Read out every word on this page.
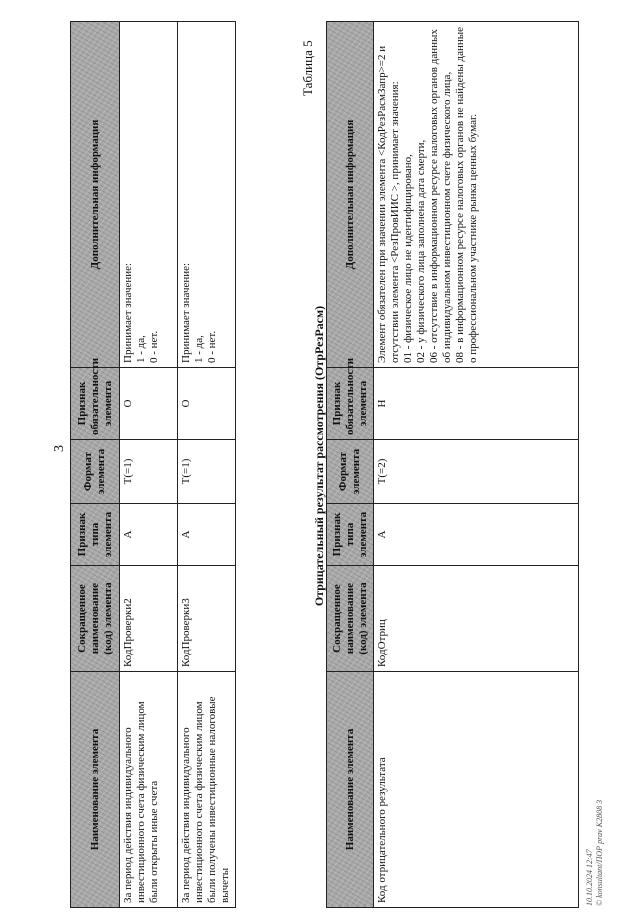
3
Наименование элемента	Сокращенное наименование (код) элемента	Признак типа элемента	Формат элемента	Признак обязательности элемента	Дополнительная информация
За период действия индивидуального инвестиционного счета физическим лицом были открыты иные счета	КодПроверки2	А	Т(=1)	О	Принимает значение:
1 - да,
0 - нет.
За период действия индивидуального инвестиционного счета физическим лицом были получены инвестиционные налоговые вычеты	КодПроверки3	А	Т(=1)	О	Принимает значение:
1 - да,
0 - нет.
Таблица 5
Отрицательный результат рассмотрения (ОтрРезРасм)
Наименование элемента	Сокращенное наименование (код) элемента	Признак типа элемента	Формат элемента	Признак обязательности элемента	Дополнительная информация
Код отрицательного результата	КодОтриц	А	Т(=2)	Н	Элемент обязателен при значении элемента <КодРезРасмЗапр>=2 и отсутствии элемента <РезПровИИС >, принимает значения:
01 - физическое лицо не идентифицировано,
02 - у физического лица заполнена дата смерти,
06 - отсутствие в информационном ресурсе налоговых органов данных об индивидуальном инвестиционном счете физического лица,
08 - в информационном ресурсе налоговых органов не найдены данные о профессиональном участнике рынка ценных бумаг.
10.10.2024 12:47 © konsultant/ПОР prav K2808 3
